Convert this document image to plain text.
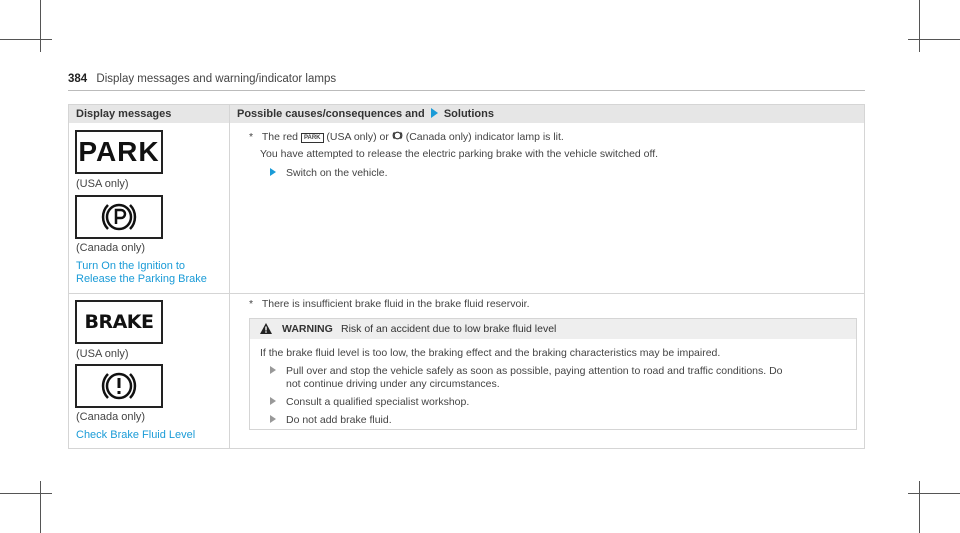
384 Display messages and warning/indicator lamps
Display messages	Possible causes/consequences and Solutions
PARK
(USA only)
(Canada only)
Turn On the Ignition to
Release the Parking Brake
* The red PARK (USA only) or (Canada only) indicator lamp is lit.
You have attempted to release the electric parking brake with the vehicle switched off.
Switch on the vehicle.
BRAKE
(USA only)
(Canada only)
Check Brake Fluid Level
* There is insufficient brake fluid in the brake fluid reservoir.
WARNING Risk of an accident due to low brake fluid level
If the brake fluid level is too low, the braking effect and the braking characteristics may be impaired.
Pull over and stop the vehicle safely as soon as possible, paying attention to road and traffic conditions. Do
not continue driving under any circumstances.
Consult a qualified specialist workshop.
Do not add brake fluid.
